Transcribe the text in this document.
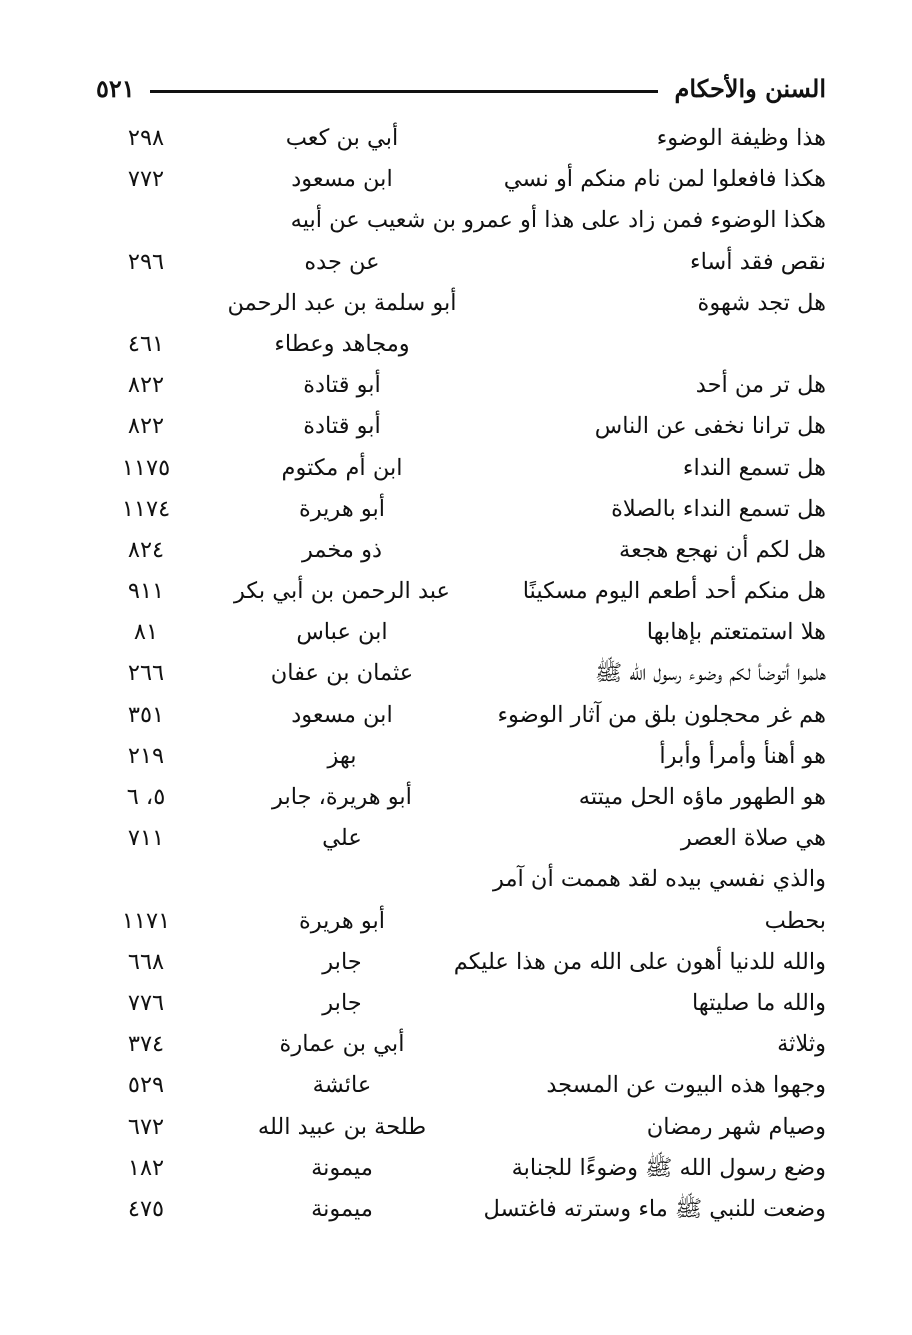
السنن والأحكام
٥٢١
هذا وظيفة الوضوء
أبي بن كعب
٢٩٨
هكذا فافعلوا لمن نام منكم أو نسي
ابن مسعود
٧٧٢
هكذا الوضوء فمن زاد على هذا أو عمرو بن شعيب عن أبيه
نقص فقد أساء
عن جده
٢٩٦
هل تجد شهوة
أبو سلمة بن عبد الرحمن
ومجاهد وعطاء
٤٦١
هل تر من أحد
أبو قتادة
٨٢٢
هل ترانا نخفى عن الناس
أبو قتادة
٨٢٢
هل تسمع النداء
ابن أم مكتوم
١١٧٥
هل تسمع النداء بالصلاة
أبو هريرة
١١٧٤
هل لكم أن نهجع هجعة
ذو مخمر
٨٢٤
هل منكم أحد أطعم اليوم مسكينًا
عبد الرحمن بن أبي بكر
٩١١
هلا استمتعتم بإهابها
ابن عباس
٨١
هلموا أتوضأ لكم وضوء رسول الله ﷺ
عثمان بن عفان
٢٦٦
هم غر محجلون بلق من آثار الوضوء
ابن مسعود
٣٥١
هو أهنأ وأمرأ وأبرأ
بهز
٢١٩
هو الطهور ماؤه الحل ميتته
أبو هريرة، جابر
٥، ٦
هي صلاة العصر
علي
٧١١
والذي نفسي بيده لقد هممت أن آمر
بحطب
أبو هريرة
١١٧١
والله للدنيا أهون على الله من هذا عليكم
جابر
٦٦٨
والله ما صليتها
جابر
٧٧٦
وثلاثة
أبي بن عمارة
٣٧٤
وجهوا هذه البيوت عن المسجد
عائشة
٥٢٩
وصيام شهر رمضان
طلحة بن عبيد الله
٦٧٢
وضع رسول الله ﷺ وضوءًا للجنابة
ميمونة
١٨٢
وضعت للنبي ﷺ ماء وسترته فاغتسل
ميمونة
٤٧٥
